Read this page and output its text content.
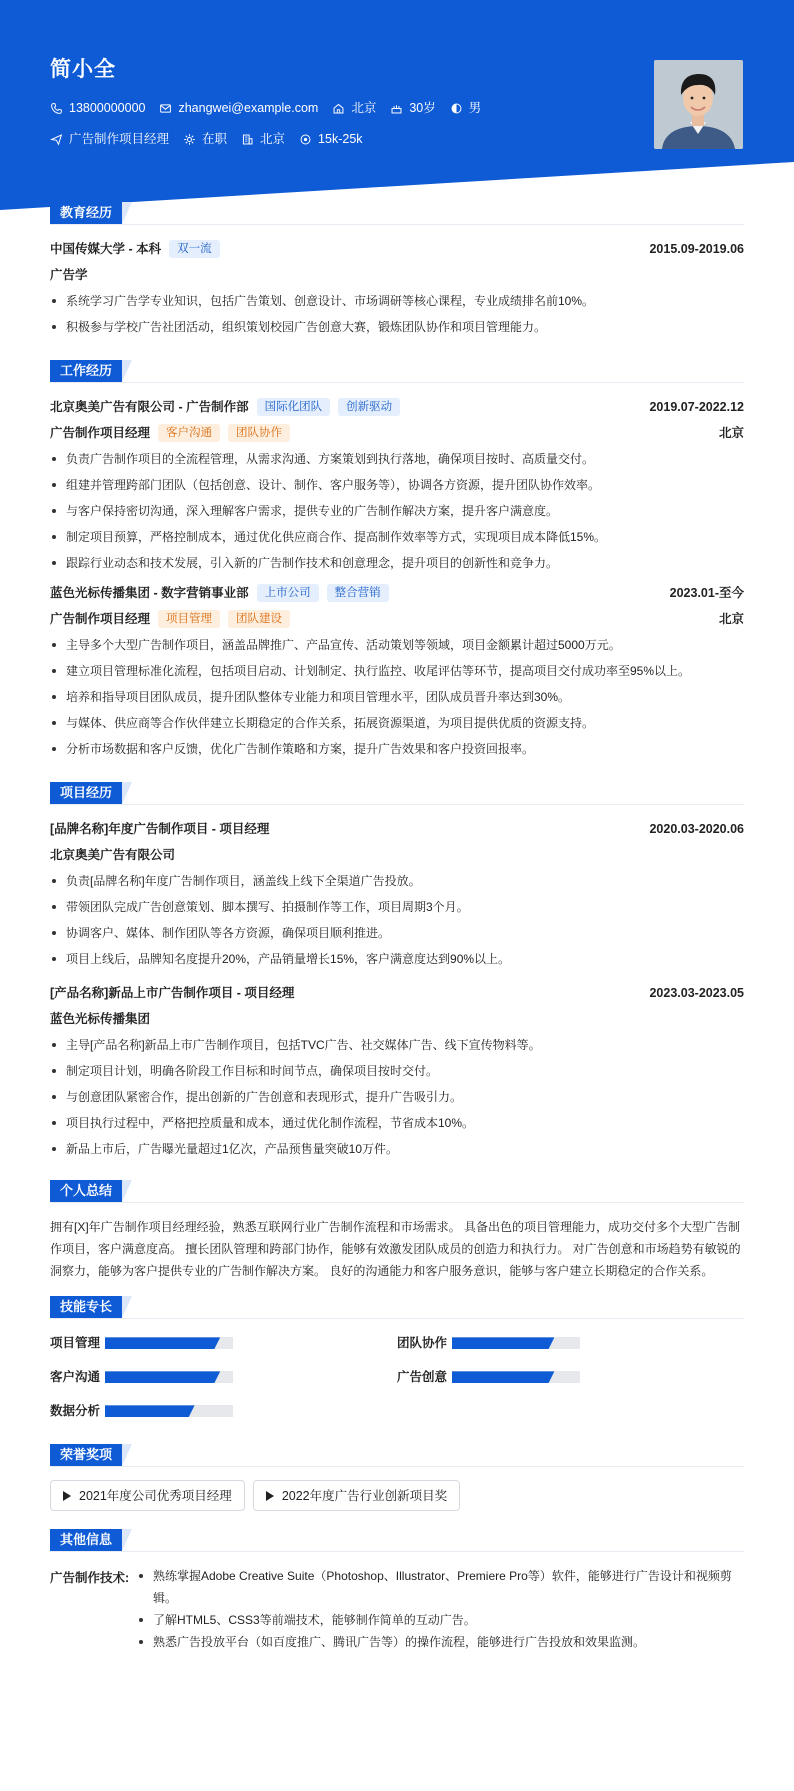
简小全
13800000000	zhangwei@example.com	北京	30岁	男
广告制作项目经理	在职	北京	15k-25k
教育经历
中国传媒大学 - 本科	双一流	2015.09-2019.06
广告学
系统学习广告学专业知识，包括广告策划、创意设计、市场调研等核心课程，专业成绩排名前10%。
积极参与学校广告社团活动，组织策划校园广告创意大赛，锻炼团队协作和项目管理能力。
工作经历
北京奥美广告有限公司 - 广告制作部	国际化团队	创新驱动	2019.07-2022.12
广告制作项目经理	客户沟通	团队协作	北京
负责广告制作项目的全流程管理，从需求沟通、方案策划到执行落地，确保项目按时、高质量交付。
组建并管理跨部门团队（包括创意、设计、制作、客户服务等），协调各方资源，提升团队协作效率。
与客户保持密切沟通，深入理解客户需求，提供专业的广告制作解决方案，提升客户满意度。
制定项目预算，严格控制成本，通过优化供应商合作、提高制作效率等方式，实现项目成本降低15%。
跟踪行业动态和技术发展，引入新的广告制作技术和创意理念，提升项目的创新性和竞争力。
蓝色光标传播集团 - 数字营销事业部	上市公司	整合营销	2023.01-至今
广告制作项目经理	项目管理	团队建设	北京
主导多个大型广告制作项目，涵盖品牌推广、产品宣传、活动策划等领域，项目金额累计超过5000万元。
建立项目管理标准化流程，包括项目启动、计划制定、执行监控、收尾评估等环节，提高项目交付成功率至95%以上。
培养和指导项目团队成员，提升团队整体专业能力和项目管理水平，团队成员晋升率达到30%。
与媒体、供应商等合作伙伴建立长期稳定的合作关系，拓展资源渠道，为项目提供优质的资源支持。
分析市场数据和客户反馈，优化广告制作策略和方案，提升广告效果和客户投资回报率。
项目经历
[品牌名称]年度广告制作项目 - 项目经理	2020.03-2020.06
北京奥美广告有限公司
负责[品牌名称]年度广告制作项目，涵盖线上线下全渠道广告投放。
带领团队完成广告创意策划、脚本撰写、拍摄制作等工作，项目周期3个月。
协调客户、媒体、制作团队等各方资源，确保项目顺利推进。
项目上线后，品牌知名度提升20%，产品销量增长15%，客户满意度达到90%以上。
[产品名称]新品上市广告制作项目 - 项目经理	2023.03-2023.05
蓝色光标传播集团
主导[产品名称]新品上市广告制作项目，包括TVC广告、社交媒体广告、线下宣传物料等。
制定项目计划，明确各阶段工作目标和时间节点，确保项目按时交付。
与创意团队紧密合作，提出创新的广告创意和表现形式，提升广告吸引力。
项目执行过程中，严格把控质量和成本，通过优化制作流程，节省成本10%。
新品上市后，广告曝光量超过1亿次，产品预售量突破10万件。
个人总结

拥有[X]年广告制作项目经理经验，熟悉互联网行业广告制作流程和市场需求。 具备出色的项目管理能力，成功交付多个大型广告制作项目，客户满意度高。 擅长团队管理和跨部门协作，能够有效激发团队成员的创造力和执行力。 对广告创意和市场趋势有敏锐的洞察力，能够为客户提供专业的广告制作解决方案。 良好的沟通能力和客户服务意识，能够与客户建立长期稳定的合作关系。

技能专长
项目管理	团队协作
客户沟通	广告创意
数据分析
荣誉奖项
2021年度公司优秀项目经理	2022年度广告行业创新项目奖
其他信息
广告制作技术:	熟练掌握Adobe Creative Suite（Photoshop、Illustrator、Premiere Pro等）软件，能够进行广告设计和视频剪辑。
了解HTML5、CSS3等前端技术，能够制作简单的互动广告。
熟悉广告投放平台（如百度推广、腾讯广告等）的操作流程，能够进行广告投放和效果监测。
